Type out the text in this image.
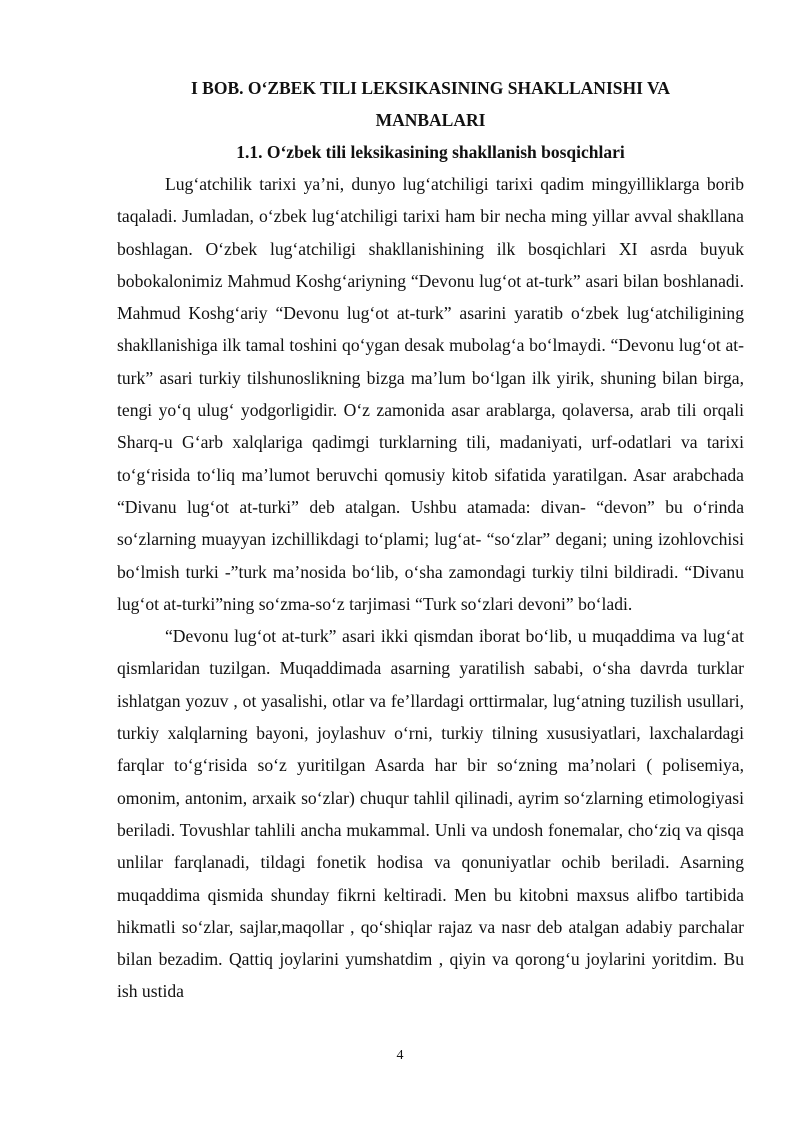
I BOB. O‘ZBEK TILI LEKSIKASINING SHAKLLANISHI VA MANBALARI
1.1. O‘zbek tili leksikasining shakllanish bosqichlari

Lug‘atchilik tarixi ya’ni, dunyo lug‘atchiligi tarixi qadim mingyilliklarga borib taqaladi. Jumladan, o‘zbek lug‘atchiligi tarixi ham bir necha ming yillar avval shakllana boshlagan. O‘zbek lug‘atchiligi shakllanishining ilk bosqichlari XI asrda buyuk bobokalonimiz Mahmud Koshg‘ariyning “Devonu lug‘ot at-turk” asari bilan boshlanadi. Mahmud Koshg‘ariy “Devonu lug‘ot at-turk” asarini yaratib o‘zbek lug‘atchiligining shakllanishiga ilk tamal toshini qo‘ygan desak mubolag‘a bo‘lmaydi. “Devonu lug‘ot at-turk” asari turkiy tilshunoslikning bizga ma’lum bo‘lgan ilk yirik, shuning bilan birga, tengi yo‘q ulug‘ yodgorligidir. O‘z zamonida asar arablarga, qolaversa, arab tili orqali Sharq-u G‘arb xalqlariga qadimgi turklarning tili, madaniyati, urf-odatlari va tarixi to‘g‘risida to‘liq ma’lumot beruvchi qomusiy kitob sifatida yaratilgan. Asar arabchada “Divanu lug‘ot at-turki” deb atalgan. Ushbu atamada: divan- “devon” bu o‘rinda so‘zlarning muayyan izchillikdagi to‘plami; lug‘at- “so‘zlar” degani; uning izohlovchisi bo‘lmish turki -”turk ma’nosida bo‘lib, o‘sha zamondagi turkiy tilni bildiradi. “Divanu lug‘ot at-turki”ning so‘zma-so‘z tarjimasi “Turk so‘zlari devoni” bo‘ladi.

“Devonu lug‘ot at-turk” asari ikki qismdan iborat bo‘lib, u muqaddima va lug‘at qismlaridan tuzilgan. Muqaddimada asarning yaratilish sababi, o‘sha davrda turklar ishlatgan yozuv , ot yasalishi, otlar va fe’llardagi orttirmalar, lug‘atning tuzilish usullari, turkiy xalqlarning bayoni, joylashuv o‘rni, turkiy tilning xususiyatlari, laxchalardagi farqlar to‘g‘risida so‘z yuritilgan Asarda har bir so‘zning ma’nolari ( polisemiya, omonim, antonim, arxaik so‘zlar) chuqur tahlil qilinadi, ayrim so‘zlarning etimologiyasi beriladi. Tovushlar tahlili ancha mukammal. Unli va undosh fonemalar, cho‘ziq va qisqa unlilar farqlanadi, tildagi fonetik hodisa va qonuniyatlar ochib beriladi. Asarning muqaddima qismida shunday fikrni keltiradi. Men bu kitobni maxsus alifbo tartibida hikmatli so‘zlar, sajlar,maqollar , qo‘shiqlar rajaz va nasr deb atalgan adabiy parchalar bilan bezadim. Qattiq joylarini yumshatdim , qiyin va qorong‘u joylarini yoritdim. Bu ish ustida

4
